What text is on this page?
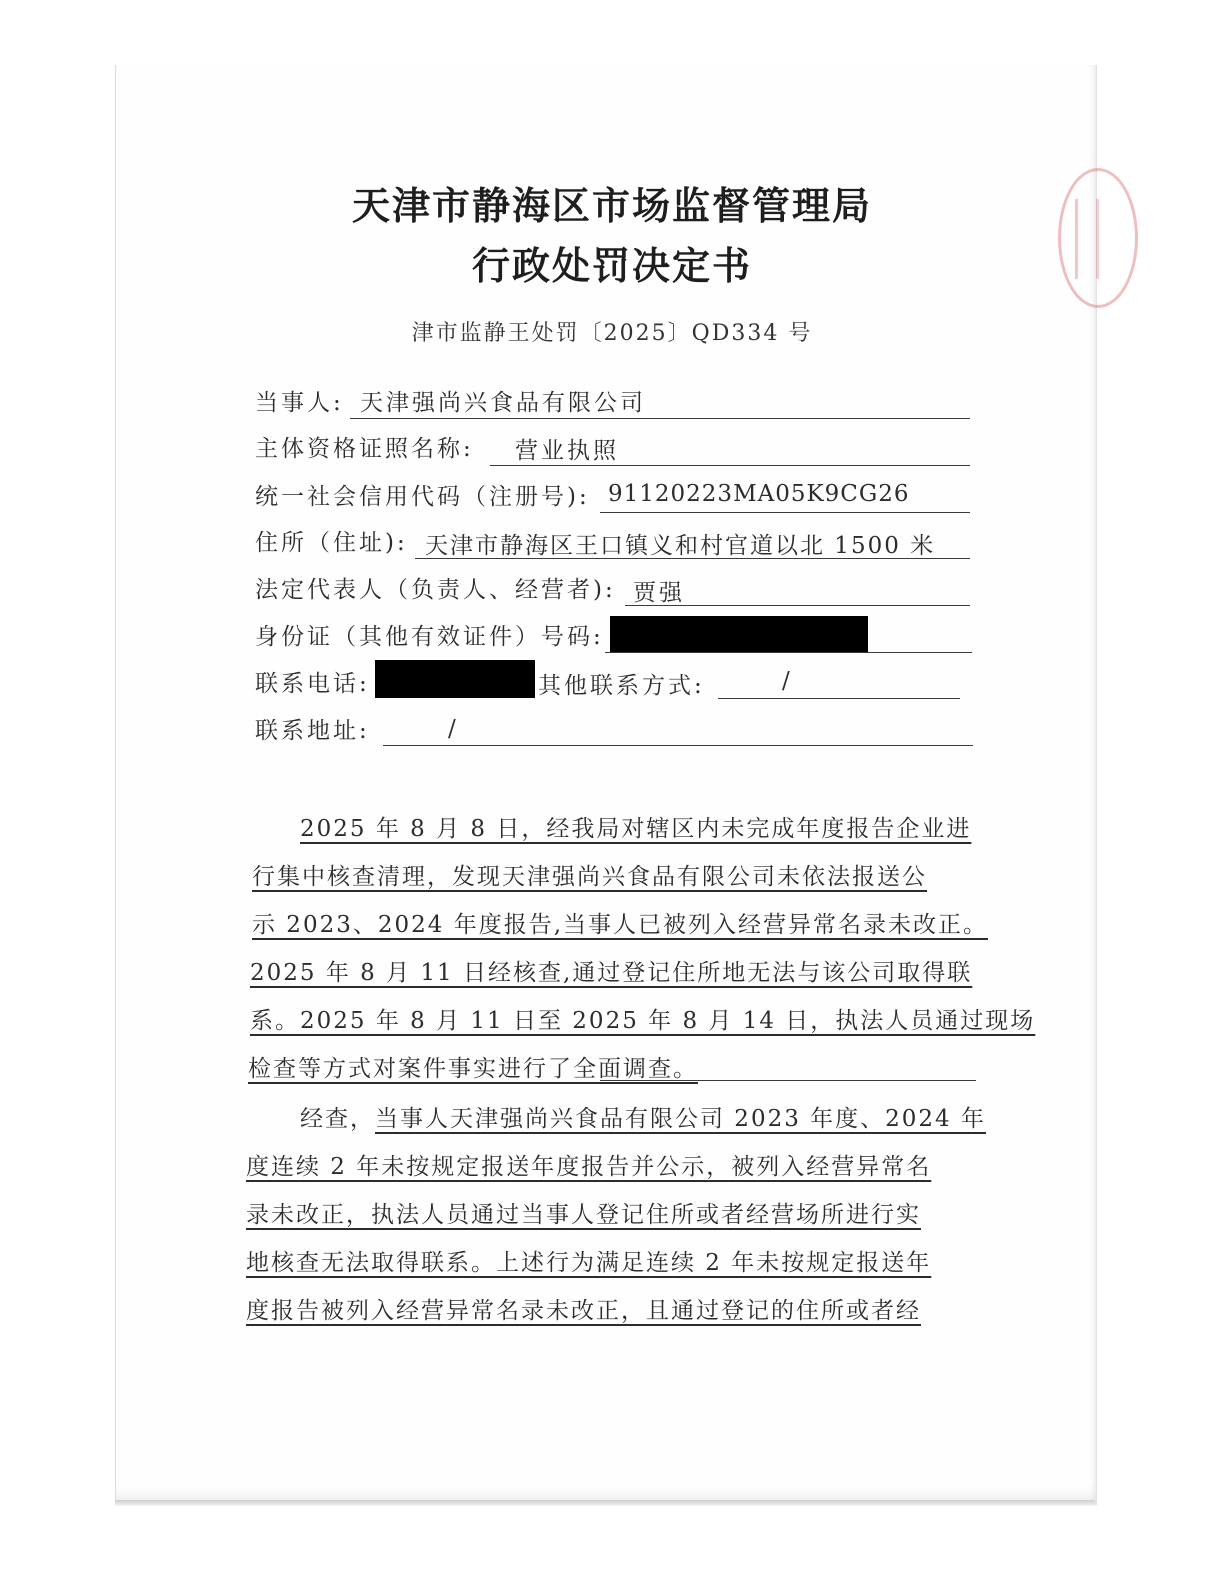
天津市静海区市场监督管理局
行政处罚决定书
津市监静王处罚〔2025〕QD334 号
当事人: 天津强尚兴食品有限公司
主体资格证照名称: 营业执照
统一社会信用代码（注册号): 91120223MA05K9CG26
住所（住址): 天津市静海区王口镇义和村官道以北 1500 米
法定代表人（负责人、经营者): 贾强
身份证（其他有效证件）号码:
联系电话:	其他联系方式:	/
联系地址:	/
2025 年 8 月 8 日，经我局对辖区内未完成年度报告企业进
行集中核查清理，发现天津强尚兴食品有限公司未依法报送公
示 2023、2024 年度报告,当事人已被列入经营异常名录未改正。
2025 年 8 月 11 日经核查,通过登记住所地无法与该公司取得联
系。2025 年 8 月 11 日至 2025 年 8 月 14 日，执法人员通过现场
检查等方式对案件事实进行了全面调查。
经查，当事人天津强尚兴食品有限公司 2023 年度、2024 年
度连续 2 年未按规定报送年度报告并公示，被列入经营异常名
录未改正，执法人员通过当事人登记住所或者经营场所进行实
地核查无法取得联系。上述行为满足连续 2 年未按规定报送年
度报告被列入经营异常名录未改正，且通过登记的住所或者经
